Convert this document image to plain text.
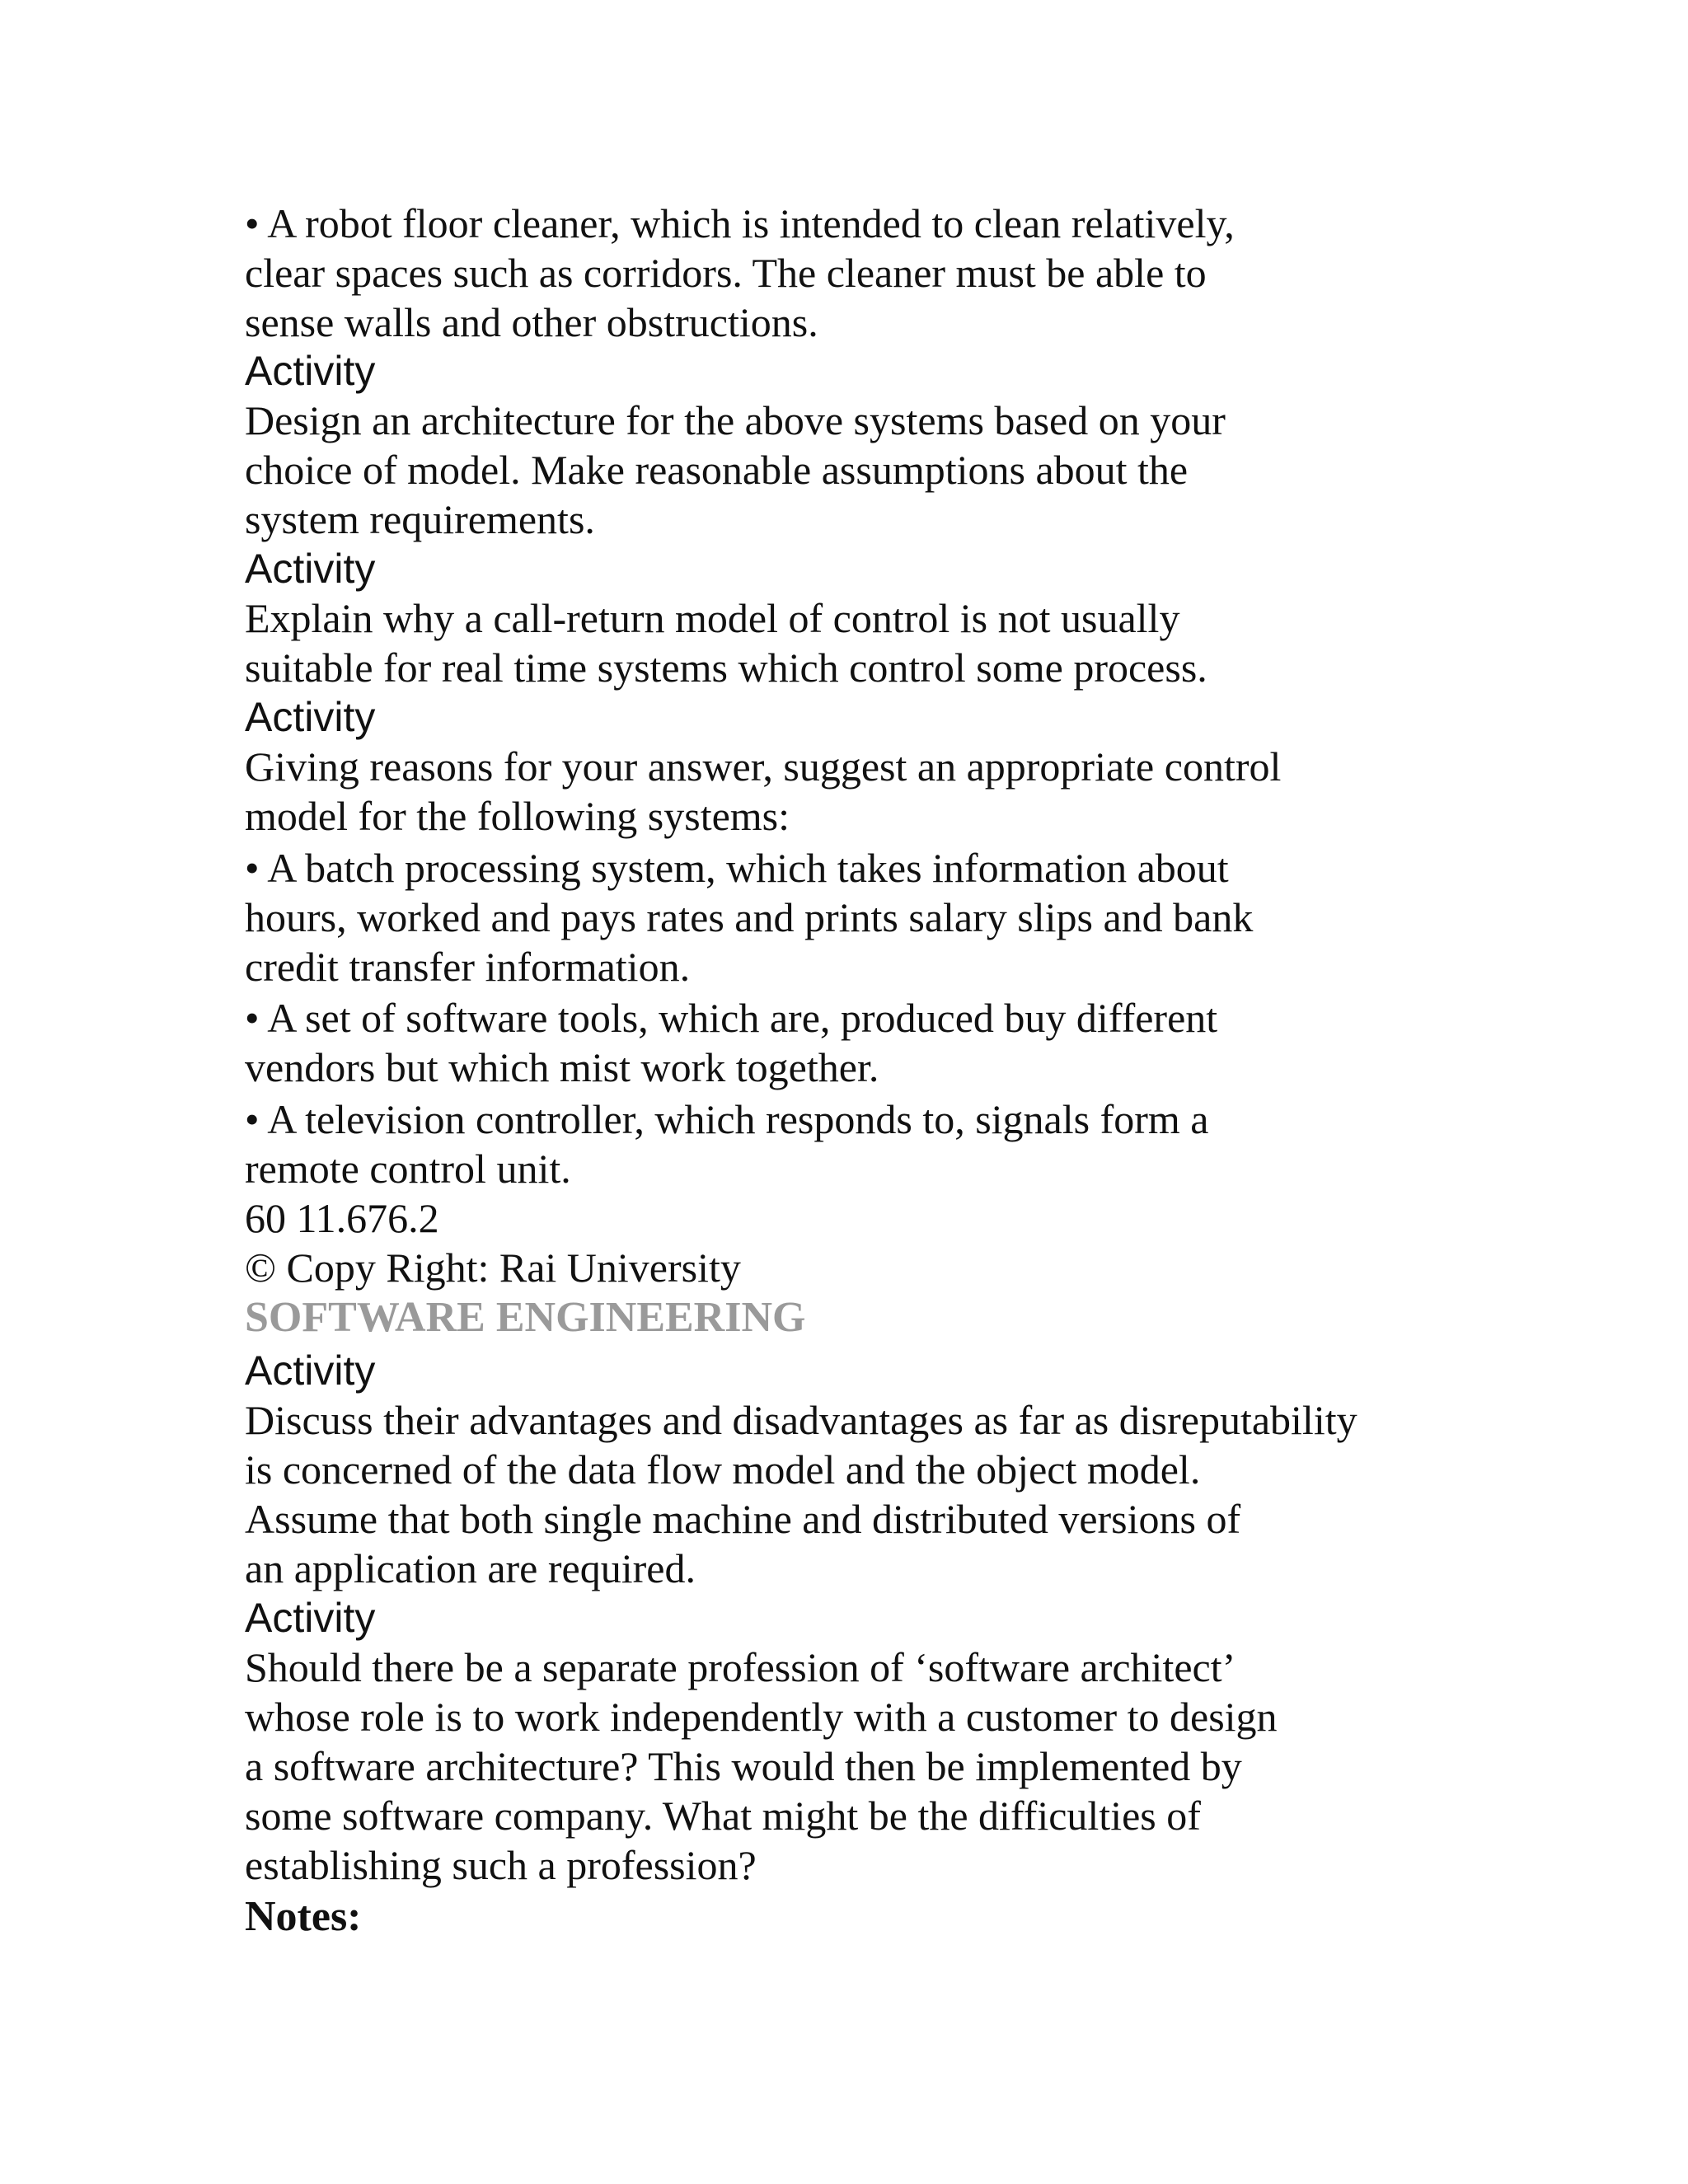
• A robot floor cleaner, which is intended to clean relatively,
clear spaces such as corridors. The cleaner must be able to
sense walls and other obstructions.
Activity
Design an architecture for the above systems based on your
choice of model. Make reasonable assumptions about the
system requirements.
Activity
Explain why a call-return model of control is not usually
suitable for real time systems which control some process.
Activity
Giving reasons for your answer, suggest an appropriate control
model for the following systems:
• A batch processing system, which takes information about
hours, worked and pays rates and prints salary slips and bank
credit transfer information.
• A set of software tools, which are, produced buy different
vendors but which mist work together.
• A television controller, which responds to, signals form a
remote control unit.
60 11.676.2
© Copy Right: Rai University
SOFTWARE ENGINEERING
Activity
Discuss their advantages and disadvantages as far as disreputability
is concerned of the data flow model and the object model.
Assume that both single machine and distributed versions of
an application are required.
Activity
Should there be a separate profession of ‘software architect’
whose role is to work independently with a customer to design
a software architecture? This would then be implemented by
some software company. What might be the difficulties of
establishing such a profession?
Notes:
